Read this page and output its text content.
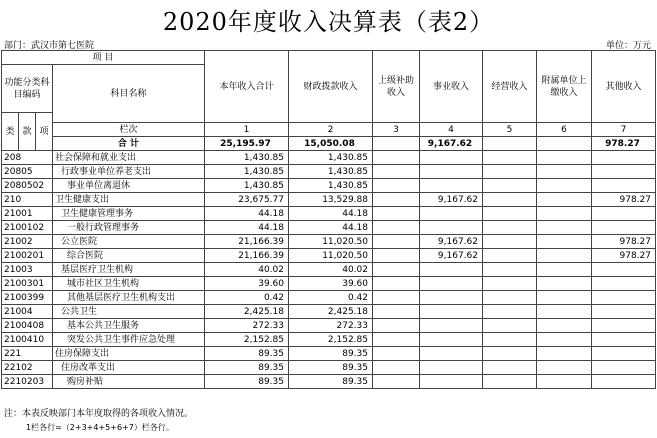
2020年度收入决算表（表2）
部门：武汉市第七医院	单位：万元
项 目				本年收入合计	财政拨款收入	上级补助收入	事业收入	经营收入	附属单位上缴收入	其他收入
功能分类科目编码			科目名称							

类	款	项								
			栏次	1	2	3	4	5	6	7
			合 计	25,195.97	15,050.08		9,167.62			978.27
208			社会保障和就业支出	1,430.85	1,430.85					
20805			行政事业单位养老支出	1,430.85	1,430.85					
2080502			事业单位离退休	1,430.85	1,430.85					
210			卫生健康支出	23,675.77	13,529.88		9,167.62			978.27
21001			卫生健康管理事务	44.18	44.18					
2100102			一般行政管理事务	44.18	44.18					
21002			公立医院	21,166.39	11,020.50		9,167.62			978.27
2100201			综合医院	21,166.39	11,020.50		9,167.62			978.27
21003			基层医疗卫生机构	40.02	40.02					
2100301			城市社区卫生机构	39.60	39.60					
2100399			其他基层医疗卫生机构支出	0.42	0.42					
21004			公共卫生	2,425.18	2,425.18					
2100408			基本公共卫生服务	272.33	272.33					
2100410			突发公共卫生事件应急处理	2,152.85	2,152.85					
221			住房保障支出	89.35	89.35					
22102			住房改革支出	89.35	89.35					
2210203			购房补贴	89.35	89.35					
注：本表反映部门本年度取得的各项收入情况。
1栏各行=（2+3+4+5+6+7）栏各行。
